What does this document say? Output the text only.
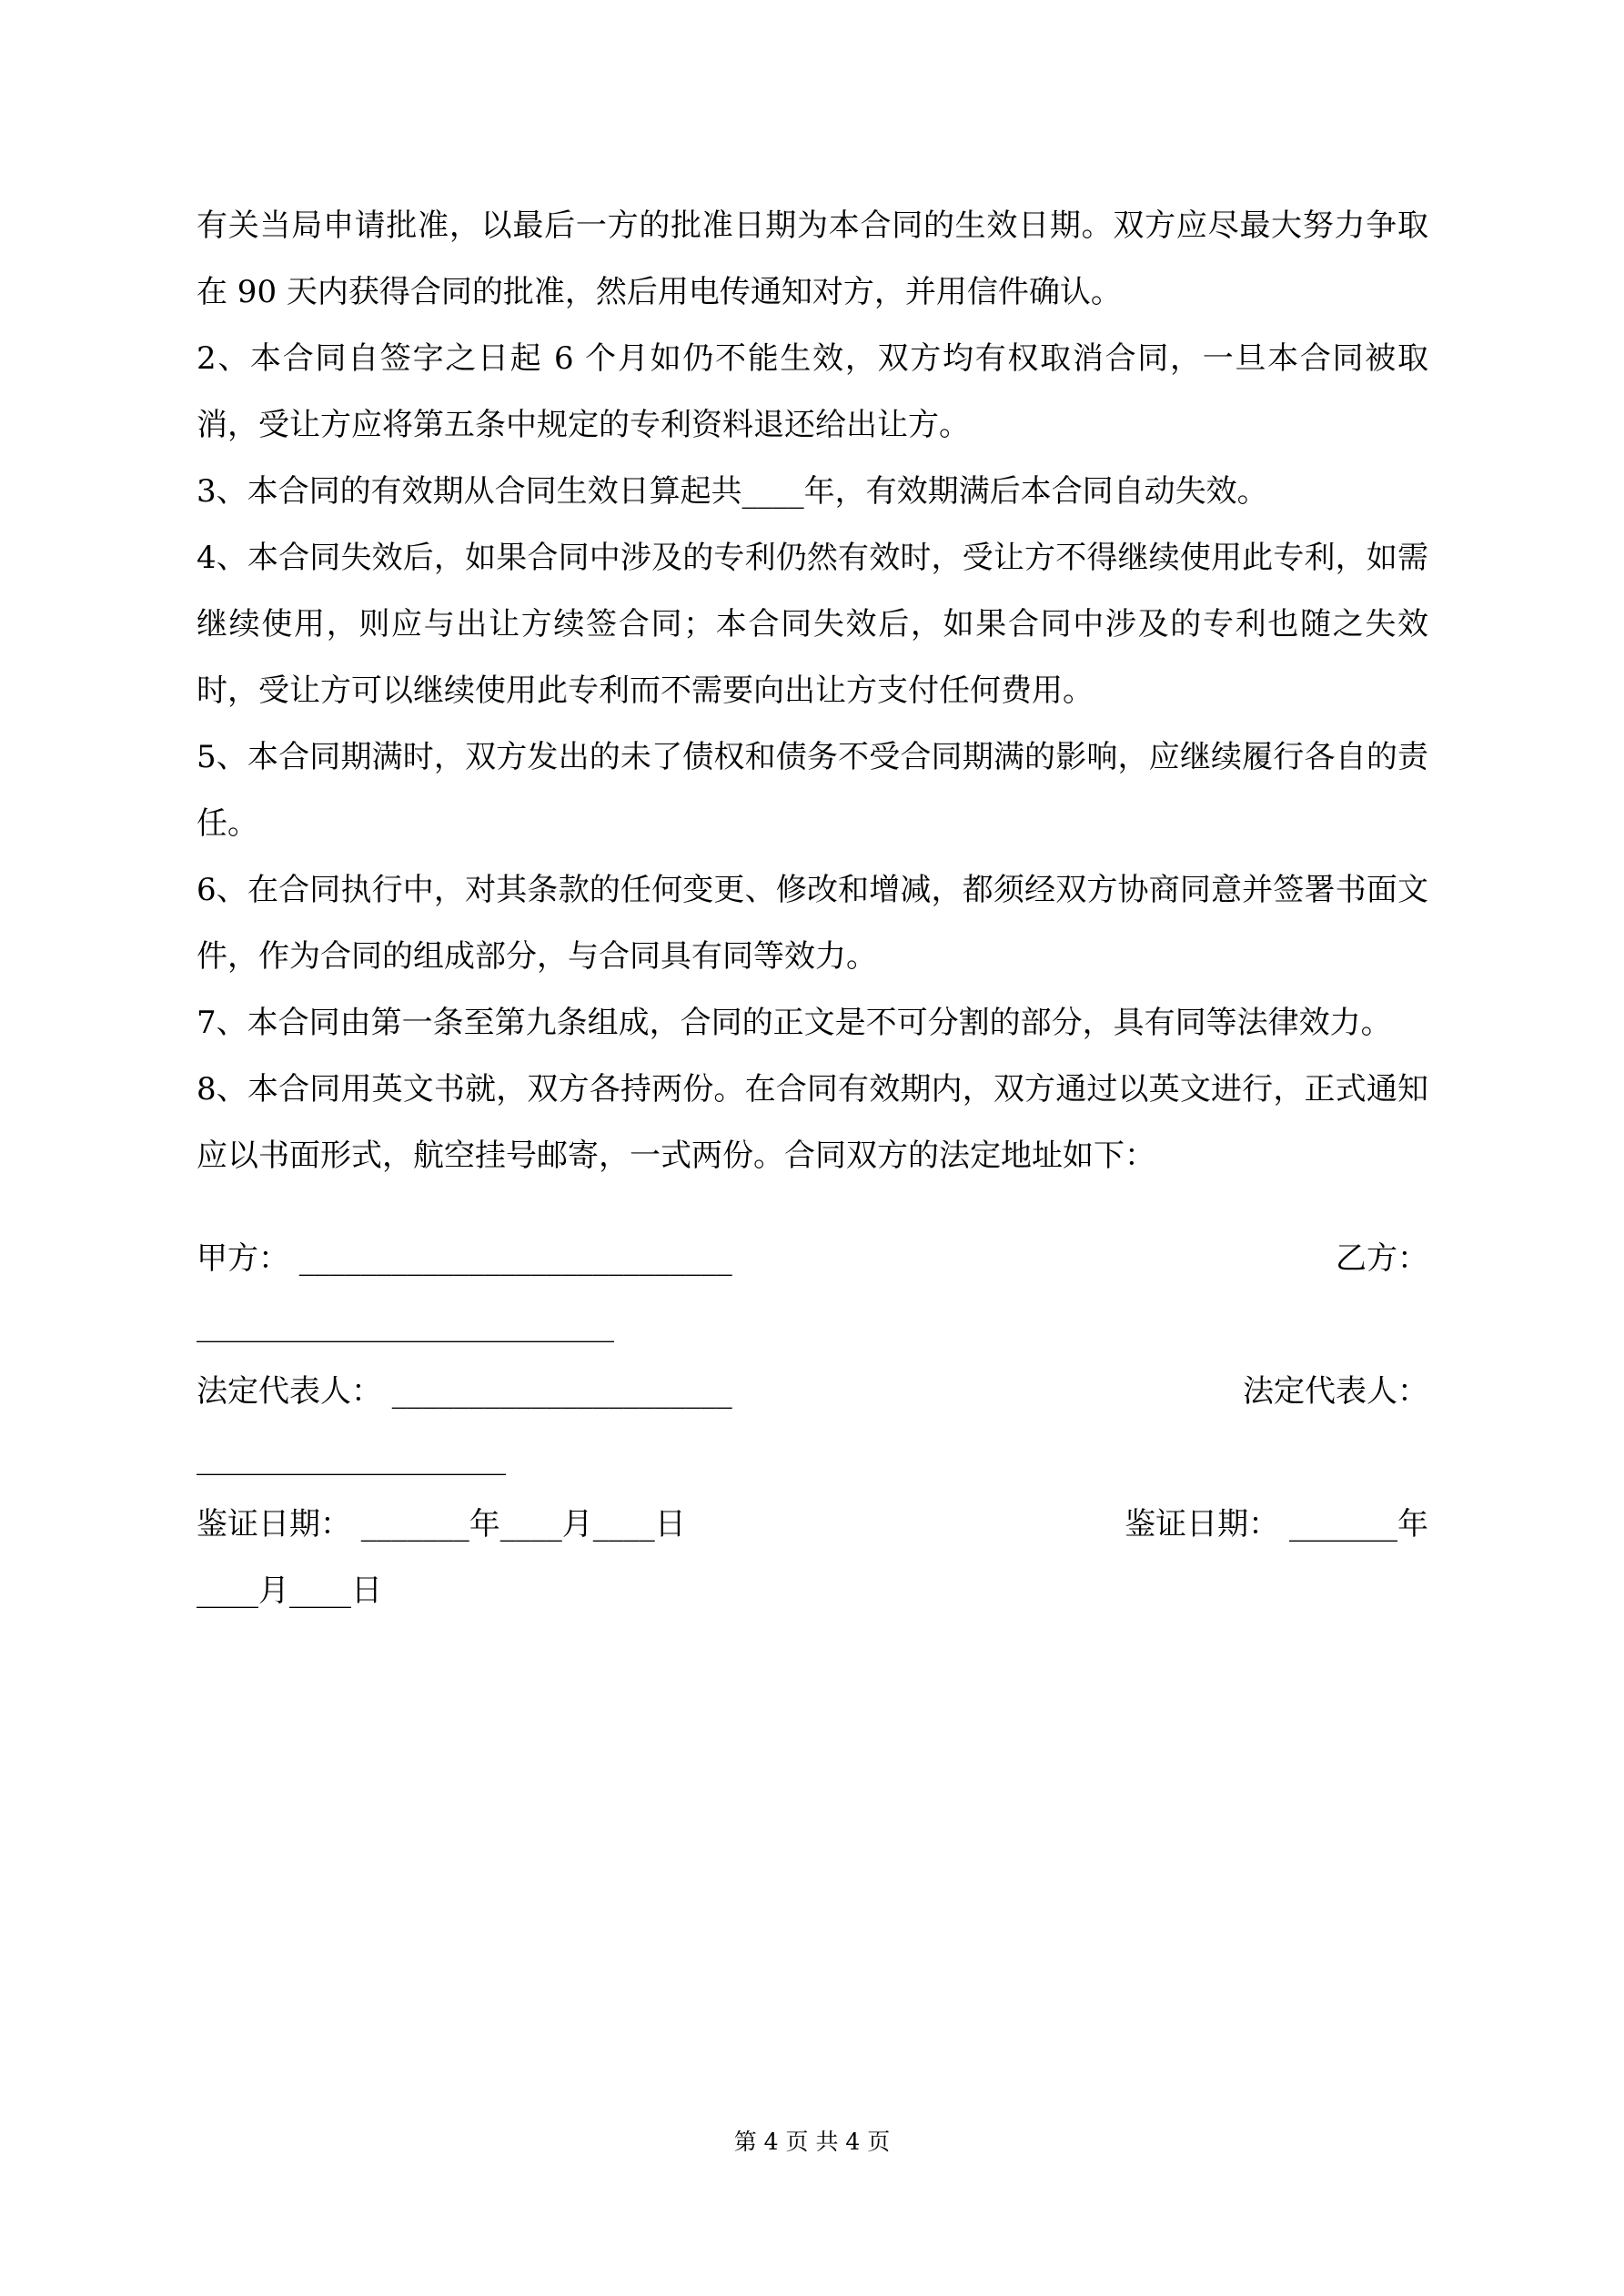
有关当局申请批准，以最后一方的批准日期为本合同的生效日期。双方应尽最大努力争取在 90 天内获得合同的批准，然后用电传通知对方，并用信件确认。

2、本合同自签字之日起 6 个月如仍不能生效，双方均有权取消合同，一旦本合同被取消，受让方应将第五条中规定的专利资料退还给出让方。

3、本合同的有效期从合同生效日算起共____年，有效期满后本合同自动失效。

4、本合同失效后，如果合同中涉及的专利仍然有效时，受让方不得继续使用此专利，如需继续使用，则应与出让方续签合同；本合同失效后，如果合同中涉及的专利也随之失效时，受让方可以继续使用此专利而不需要向出让方支付任何费用。

5、本合同期满时，双方发出的未了债权和债务不受合同期满的影响，应继续履行各自的责任。

6、在合同执行中，对其条款的任何变更、修改和增减，都须经双方协商同意并签署书面文件，作为合同的组成部分，与合同具有同等效力。

7、本合同由第一条至第九条组成，合同的正文是不可分割的部分，具有同等法律效力。

8、本合同用英文书就，双方各持两份。在合同有效期内，双方通过以英文进行，正式通知应以书面形式，航空挂号邮寄，一式两份。合同双方的法定地址如下：

甲方： ____________________________	乙方：
___________________________
法定代表人： ______________________	法定代表人：
____________________
鉴证日期： _______年____月____日	鉴证日期： _______年
____月____日
第 4 页 共 4 页
